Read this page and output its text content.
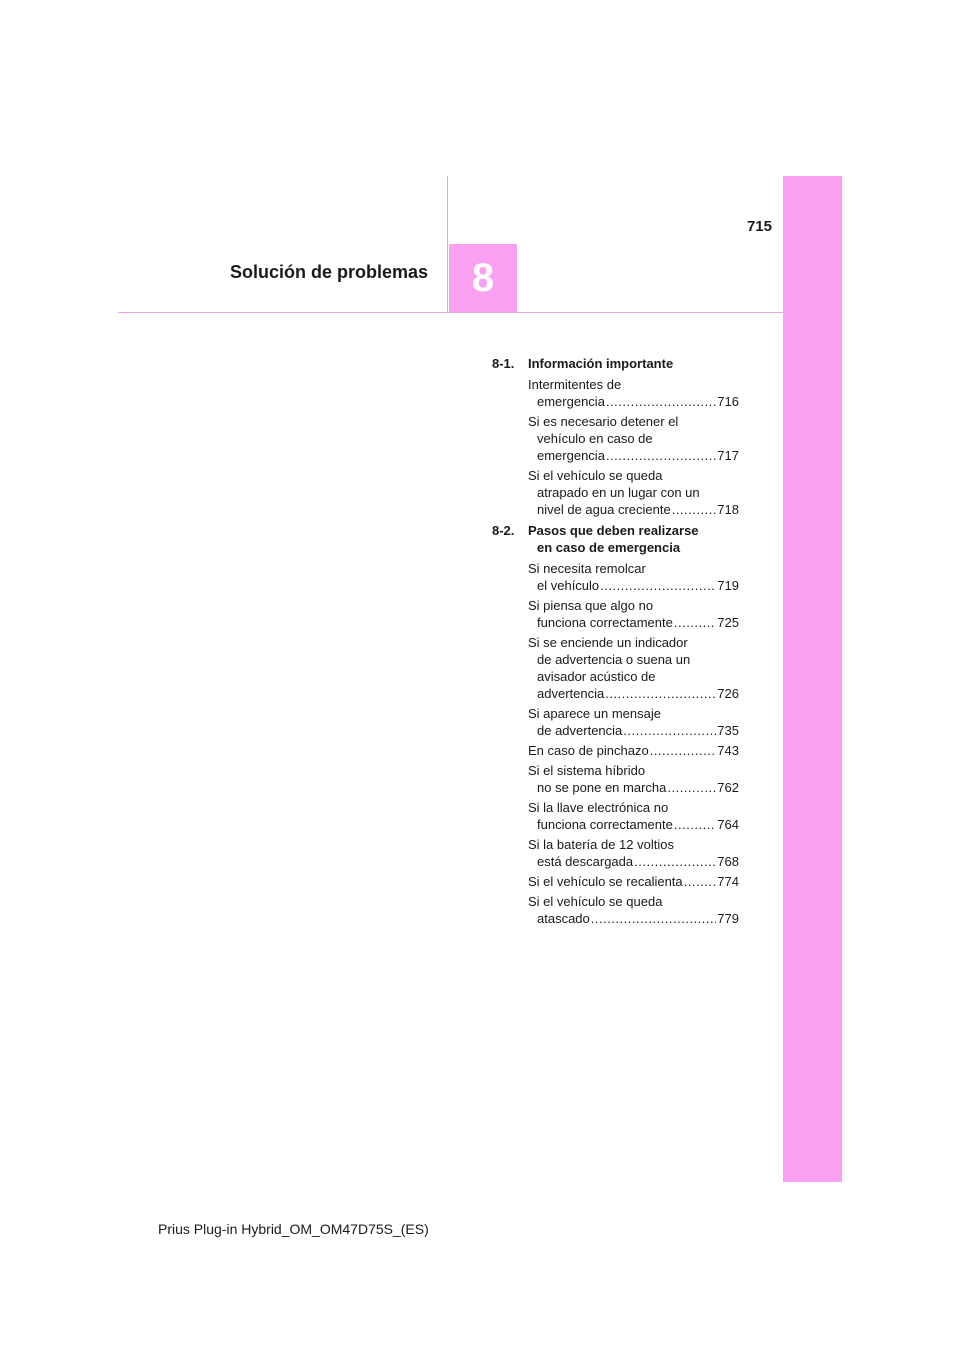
715
Solución de problemas 8
8-1. Información importante
Intermitentes de
emergencia .....	716
Si es necesario detener el
vehículo en caso de
emergencia .....	717
Si el vehículo se queda
atrapado en un lugar con un
nivel de agua creciente .....	718
8-2. Pasos que deben realizarse
en caso de emergencia
Si necesita remolcar
el vehículo .....	719
Si piensa que algo no
funciona correctamente .....	725
Si se enciende un indicador
de advertencia o suena un
avisador acústico de
advertencia .....	726
Si aparece un mensaje
de advertencia .....	735
En caso de pinchazo .....	743
Si el sistema híbrido
no se pone en marcha .....	762
Si la llave electrónica no
funciona correctamente .....	764
Si la batería de 12 voltios
está descargada .....	768
Si el vehículo se recalienta .....	774
Si el vehículo se queda
atascado .....	779
Prius Plug-in Hybrid_OM_OM47D75S_(ES)
